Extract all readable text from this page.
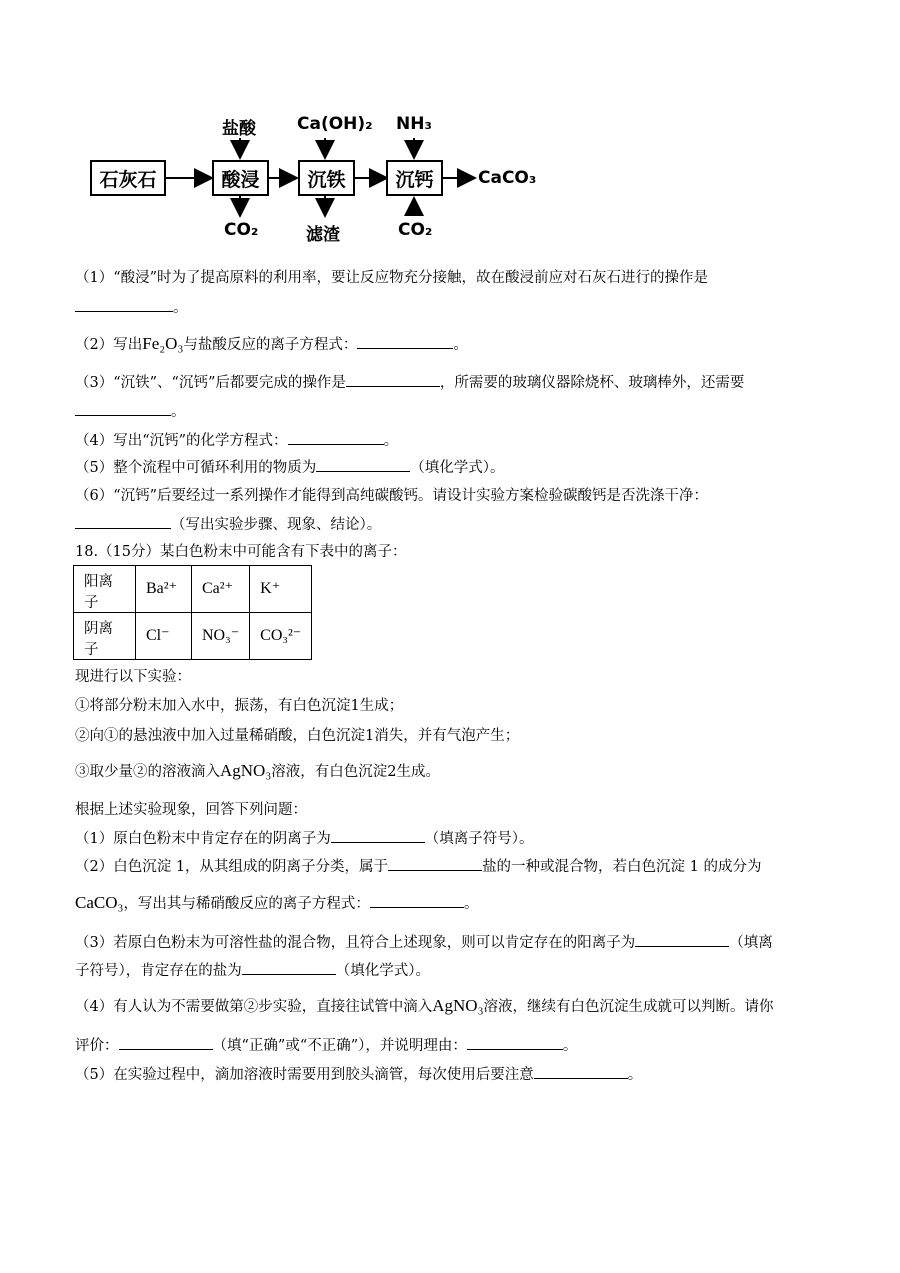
石灰石	酸浸	沉铁	沉钙
盐酸 Ca(OH)₂ NH₃
CO₂	滤渣	CO₂
CaCO₃
（1）“酸浸”时为了提高原料的利用率，要让反应物充分接触，故在酸浸前应对石灰石进行的操作是
。
（2）写出Fe₂O₃与盐酸反应的离子方程式：	。
（3）“沉铁”、“沉钙”后都要完成的操作是	，所需要的玻璃仪器除烧杯、玻璃棒外，还需要
。
（4）写出“沉钙”的化学方程式：	。
（5）整个流程中可循环利用的物质为	（填化学式）。
（6）“沉钙”后要经过一系列操作才能得到高纯碳酸钙。请设计实验方案检验碳酸钙是否洗涤干净：
（写出实验步骤、现象、结论）。
18.（15分）某白色粉末中可能含有下表中的离子：
阳离子	Ba²⁺	Ca²⁺	K⁺
阴离子	Cl⁻	NO₃⁻	CO₃²⁻
现进行以下实验：
①将部分粉末加入水中，振荡，有白色沉淀1生成；
②向①的悬浊液中加入过量稀硝酸，白色沉淀1消失，并有气泡产生；
③取少量②的溶液滴入AgNO₃溶液，有白色沉淀2生成。
根据上述实验现象，回答下列问题：
（1）原白色粉末中肯定存在的阴离子为	（填离子符号）。
（2）白色沉淀 1，从其组成的阴离子分类，属于	盐的一种或混合物，若白色沉淀 1 的成分为
CaCO₃，写出其与稀硝酸反应的离子方程式：	。
（3）若原白色粉末为可溶性盐的混合物，且符合上述现象，则可以肯定存在的阳离子为	（填离
子符号），肯定存在的盐为	（填化学式）。
（4）有人认为不需要做第②步实验，直接往试管中滴入AgNO₃溶液，继续有白色沉淀生成就可以判断。请你
评价：	（填“正确”或“不正确”），并说明理由：	。
（5）在实验过程中，滴加溶液时需要用到胶头滴管，每次使用后要注意	。
